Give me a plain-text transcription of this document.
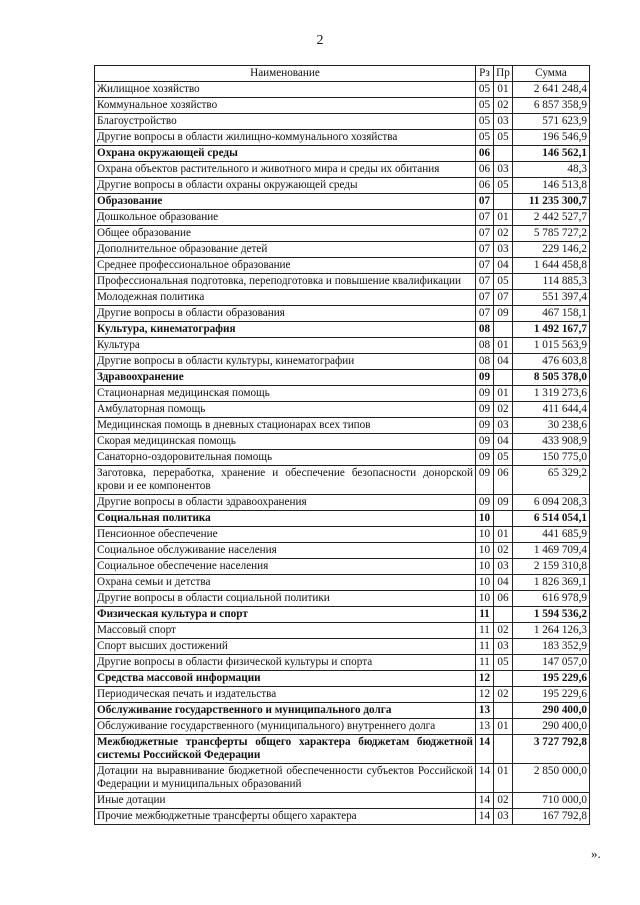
2
Наименование	Рз	Пр	Сумма
Жилищное хозяйство	05	01	2 641 248,4
Коммунальное хозяйство	05	02	6 857 358,9
Благоустройство	05	03	571 623,9
Другие вопросы в области жилищно-коммунального хозяйства	05	05	196 546,9
Охрана окружающей среды	06		146 562,1
Охрана объектов растительного и животного мира и среды их обитания	06	03	48,3
Другие вопросы в области охраны окружающей среды	06	05	146 513,8
Образование	07		11 235 300,7
Дошкольное образование	07	01	2 442 527,7
Общее образование	07	02	5 785 727,2
Дополнительное образование детей	07	03	229 146,2
Среднее профессиональное образование	07	04	1 644 458,8
Профессиональная подготовка, переподготовка и повышение квалификации	07	05	114 885,3
Молодежная политика	07	07	551 397,4
Другие вопросы в области образования	07	09	467 158,1
Культура, кинематография	08		1 492 167,7
Культура	08	01	1 015 563,9
Другие вопросы в области культуры, кинематографии	08	04	476 603,8
Здравоохранение	09		8 505 378,0
Стационарная медицинская помощь	09	01	1 319 273,6
Амбулаторная помощь	09	02	411 644,4
Медицинская помощь в дневных стационарах всех типов	09	03	30 238,6
Скорая медицинская помощь	09	04	433 908,9
Санаторно-оздоровительная помощь	09	05	150 775,0
Заготовка, переработка, хранение и обеспечение безопасности донорской крови и ее компонентов	09	06	65 329,2
Другие вопросы в области здравоохранения	09	09	6 094 208,3
Социальная политика	10		6 514 054,1
Пенсионное обеспечение	10	01	441 685,9
Социальное обслуживание населения	10	02	1 469 709,4
Социальное обеспечение населения	10	03	2 159 310,8
Охрана семьи и детства	10	04	1 826 369,1
Другие вопросы в области социальной политики	10	06	616 978,9
Физическая культура и спорт	11		1 594 536,2
Массовый спорт	11	02	1 264 126,3
Спорт высших достижений	11	03	183 352,9
Другие вопросы в области физической культуры и спорта	11	05	147 057,0
Средства массовой информации	12		195 229,6
Периодическая печать и издательства	12	02	195 229,6
Обслуживание государственного и муниципального долга	13		290 400,0
Обслуживание государственного (муниципального) внутреннего долга	13	01	290 400,0
Межбюджетные трансферты общего характера бюджетам бюджетной системы Российской Федерации	14		3 727 792,8
Дотации на выравнивание бюджетной обеспеченности субъектов Российской Федерации и муниципальных образований	14	01	2 850 000,0
Иные дотации	14	02	710 000,0
Прочие межбюджетные трансферты общего характера	14	03	167 792,8
».
